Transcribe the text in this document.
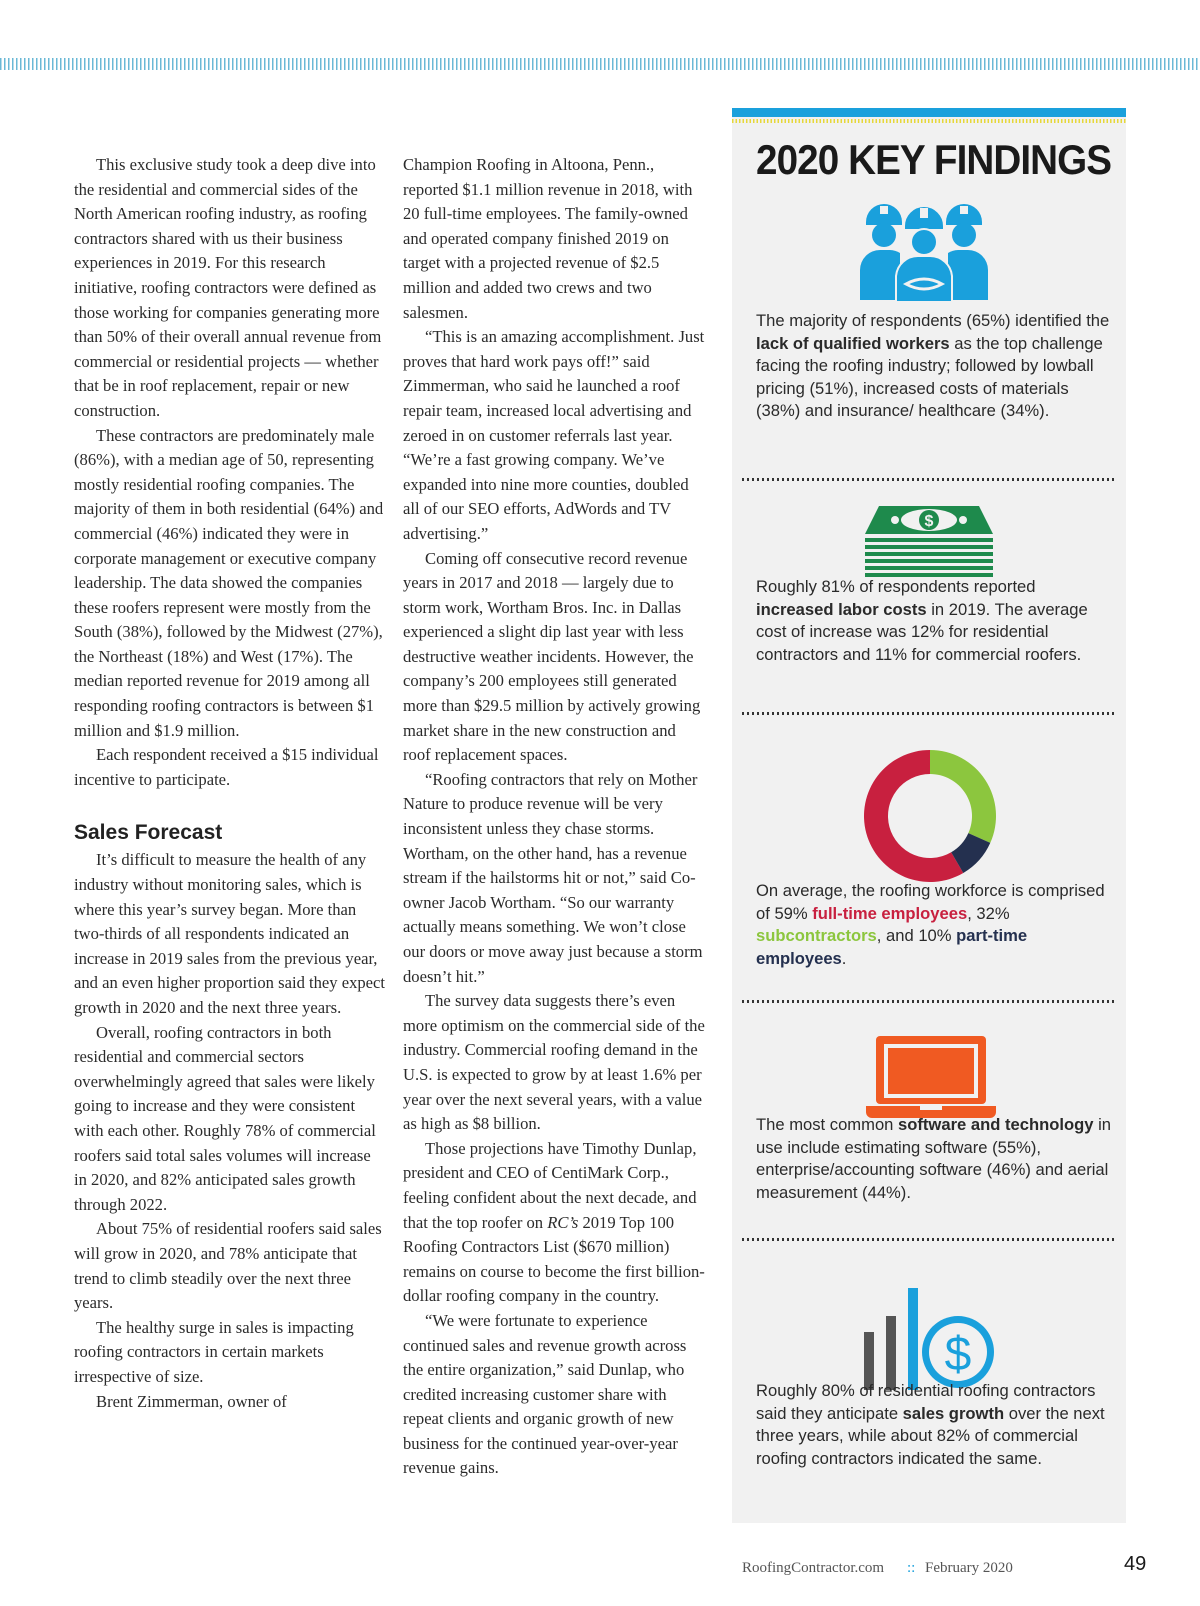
This exclusive study took a deep dive into the residential and commercial sides of the North American roofing industry, as roofing contractors shared with us their business experiences in 2019. For this research initiative, roofing contractors were defined as those working for companies generating more than 50% of their overall annual revenue from commercial or residential projects — whether that be in roof replacement, repair or new construction.

These contractors are predominately male (86%), with a median age of 50, representing mostly residential roofing companies. The majority of them in both residential (64%) and commercial (46%) indicated they were in corporate management or executive company leadership. The data showed the companies these roofers represent were mostly from the South (38%), followed by the Midwest (27%), the Northeast (18%) and West (17%). The median reported revenue for 2019 among all responding roofing contractors is between $1 million and $1.9 million.

Each respondent received a $15 individual incentive to participate.

Sales Forecast

It’s difficult to measure the health of any industry without monitoring sales, which is where this year’s survey began. More than two-thirds of all respondents indicated an increase in 2019 sales from the previous year, and an even higher proportion said they expect growth in 2020 and the next three years.

Overall, roofing contractors in both residential and commercial sectors overwhelmingly agreed that sales were likely going to increase and they were consistent with each other. Roughly 78% of commercial roofers said total sales volumes will increase in 2020, and 82% anticipated sales growth through 2022.

About 75% of residential roofers said sales will grow in 2020, and 78% anticipate that trend to climb steadily over the next three years.

The healthy surge in sales is impacting roofing contractors in certain markets irrespective of size.

Brent Zimmerman, owner of

Champion Roofing in Altoona, Penn., reported $1.1 million revenue in 2018, with 20 full-time employees. The family-owned and operated company finished 2019 on target with a projected revenue of $2.5 million and added two crews and two salesmen.

“This is an amazing accomplishment. Just proves that hard work pays off!” said Zimmerman, who said he launched a roof repair team, increased local advertising and zeroed in on customer referrals last year. “We’re a fast growing company. We’ve expanded into nine more counties, doubled all of our SEO efforts, AdWords and TV advertising.”

Coming off consecutive record revenue years in 2017 and 2018 — largely due to storm work, Wortham Bros. Inc. in Dallas experienced a slight dip last year with less destructive weather incidents. However, the company’s 200 employees still generated more than $29.5 million by actively growing market share in the new construction and roof replacement spaces.

“Roofing contractors that rely on Mother Nature to produce revenue will be very inconsistent unless they chase storms. Wortham, on the other hand, has a revenue stream if the hailstorms hit or not,” said Co-owner Jacob Wortham. “So our warranty actually means something. We won’t close our doors or move away just because a storm doesn’t hit.”

The survey data suggests there’s even more optimism on the commercial side of the industry. Commercial roofing demand in the U.S. is expected to grow by at least 1.6% per year over the next several years, with a value as high as $8 billion.

Those projections have Timothy Dunlap, president and CEO of CentiMark Corp., feeling confident about the next decade, and that the top roofer on RC’s 2019 Top 100 Roofing Contractors List ($670 million) remains on course to become the first billion-dollar roofing company in the country.

“We were fortunate to experience continued sales and revenue growth across the entire organization,” said Dunlap, who credited increasing customer share with repeat clients and organic growth of new business for the continued year-over-year revenue gains.

2020 KEY FINDINGS
The majority of respondents (65%) identified the lack of qualified workers as the top challenge facing the roofing industry; followed by lowball pricing (51%), increased costs of materials (38%) and insurance/ healthcare (34%).
$
Roughly 81% of respondents reported increased labor costs in 2019. The average cost of increase was 12% for residential contractors and 11% for commercial roofers.
On average, the roofing workforce is comprised of 59% full-time employees, 32% subcontractors, and 10% part-time employees.
The most common software and technology in use include estimating software (55%), enterprise/accounting software (46%) and aerial measurement (44%).
$
Roughly 80% of residential roofing contractors said they anticipate sales growth over the next three years, while about 82% of commercial roofing contractors indicated the same.
RoofingContractor.com :: February 2020	49
